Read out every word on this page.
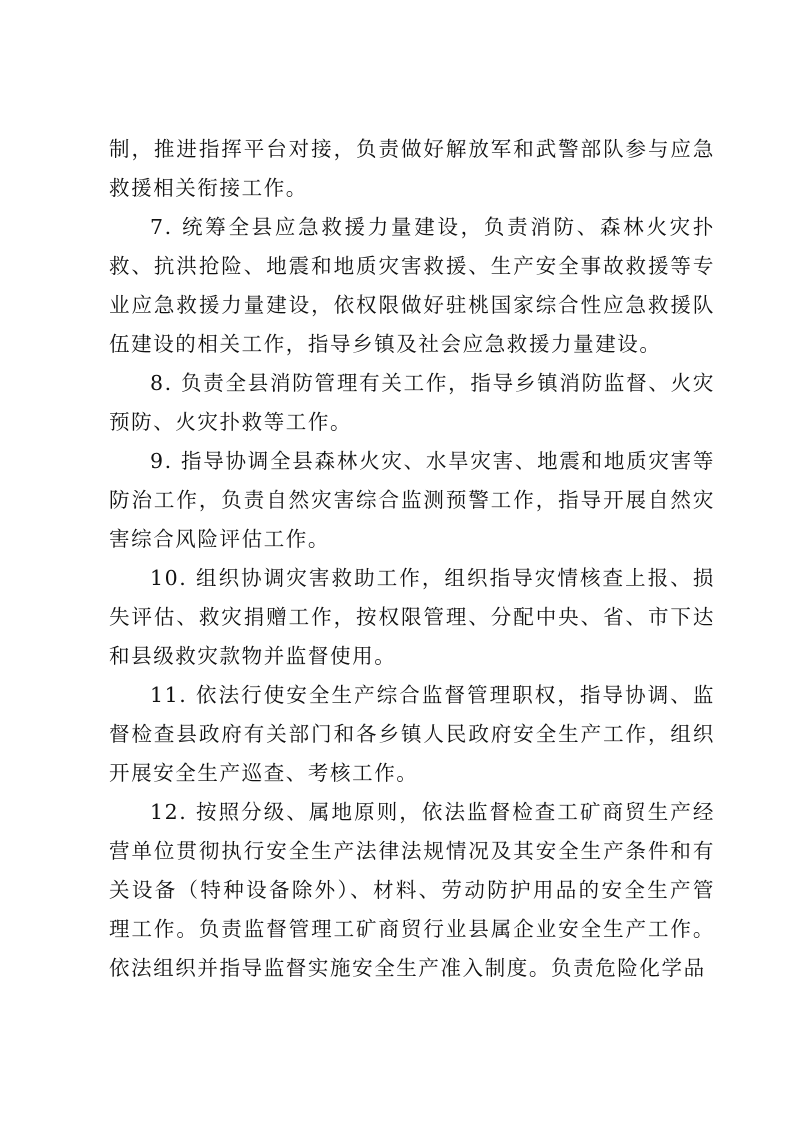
制，推进指挥平台对接，负责做好解放军和武警部队参与应急救援相关衔接工作。

7. 统筹全县应急救援力量建设，负责消防、森林火灾扑救、抗洪抢险、地震和地质灾害救援、生产安全事故救援等专业应急救援力量建设，依权限做好驻桃国家综合性应急救援队伍建设的相关工作，指导乡镇及社会应急救援力量建设。

8. 负责全县消防管理有关工作，指导乡镇消防监督、火灾预防、火灾扑救等工作。

9. 指导协调全县森林火灾、水旱灾害、地震和地质灾害等防治工作，负责自然灾害综合监测预警工作，指导开展自然灾害综合风险评估工作。

10. 组织协调灾害救助工作，组织指导灾情核查上报、损失评估、救灾捐赠工作，按权限管理、分配中央、省、市下达和县级救灾款物并监督使用。

11. 依法行使安全生产综合监督管理职权，指导协调、监督检查县政府有关部门和各乡镇人民政府安全生产工作，组织开展安全生产巡查、考核工作。

12. 按照分级、属地原则，依法监督检查工矿商贸生产经营单位贯彻执行安全生产法律法规情况及其安全生产条件和有关设备（特种设备除外）、材料、劳动防护用品的安全生产管理工作。负责监督管理工矿商贸行业县属企业安全生产工作。依法组织并指导监督实施安全生产准入制度。负责危险化学品
